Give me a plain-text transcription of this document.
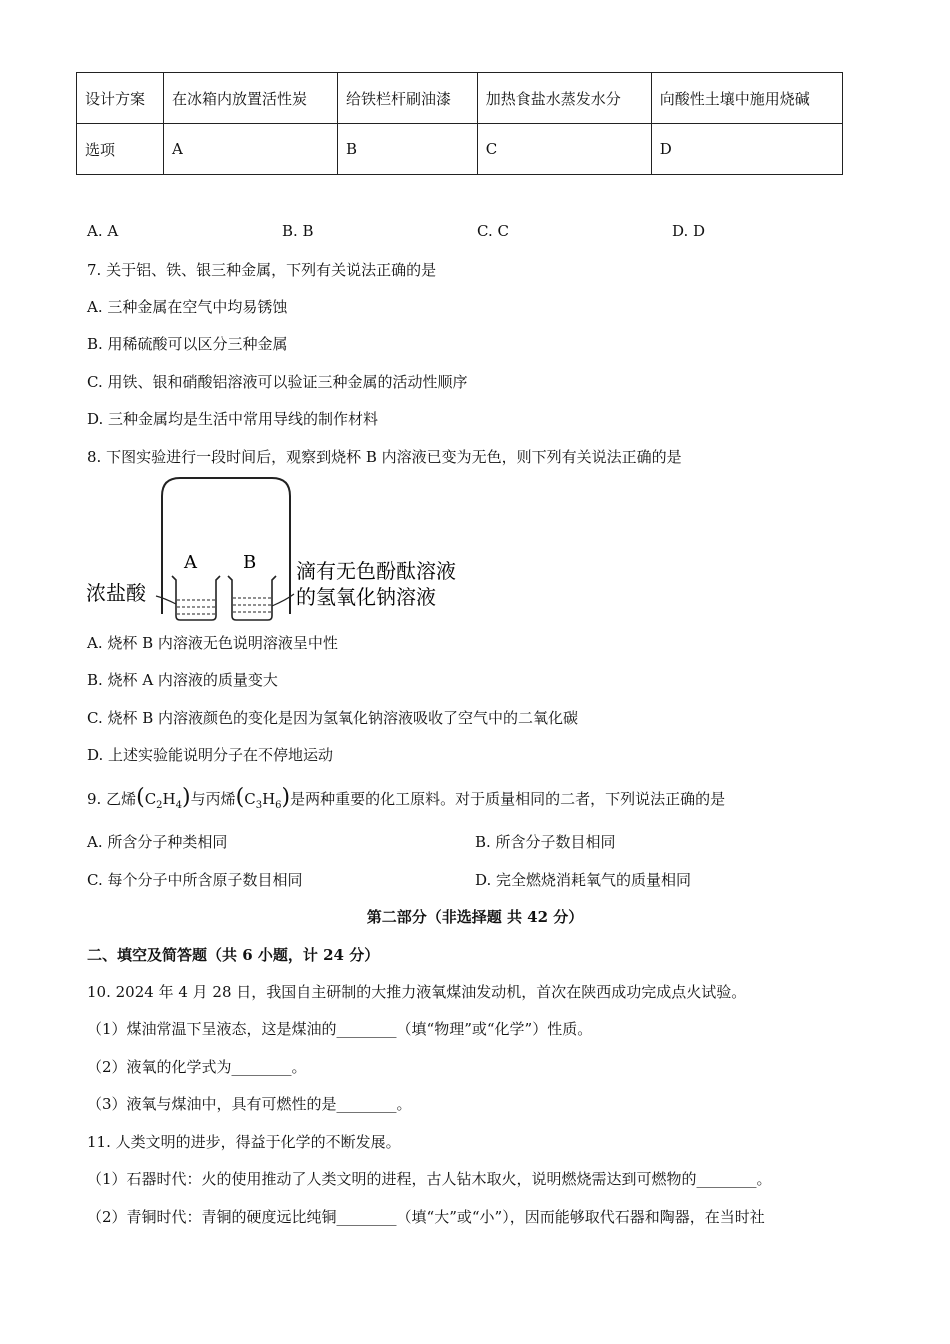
设计方案	在冰箱内放置活性炭	给铁栏杆刷油漆	加热食盐水蒸发水分	向酸性土壤中施用烧碱
选项	A	B	C	D
A. A	B. B	C. C	D. D
7. 关于铝、铁、银三种金属，下列有关说法正确的是
A. 三种金属在空气中均易锈蚀
B. 用稀硫酸可以区分三种金属
C. 用铁、银和硝酸铝溶液可以验证三种金属的活动性顺序
D. 三种金属均是生活中常用导线的制作材料
8. 下图实验进行一段时间后，观察到烧杯 B 内溶液已变为无色，则下列有关说法正确的是
A	B
浓盐酸
滴有无色酚酞溶液
的氢氧化钠溶液
A. 烧杯 B 内溶液无色说明溶液呈中性
B. 烧杯 A 内溶液的质量变大
C. 烧杯 B 内溶液颜色的变化是因为氢氧化钠溶液吸收了空气中的二氧化碳
D. 上述实验能说明分子在不停地运动
9. 乙烯$(C_2H_4)$与丙烯$(C_3H_6)$是两种重要的化工原料。对于质量相同的二者，下列说法正确的是
A. 所含分子种类相同	B. 所含分子数目相同
C. 每个分子中所含原子数目相同	D. 完全燃烧消耗氧气的质量相同
第二部分（非选择题 共 42 分）
二、填空及简答题（共 6 小题，计 24 分）
10. 2024 年 4 月 28 日，我国自主研制的大推力液氧煤油发动机，首次在陕西成功完成点火试验。
（1）煤油常温下呈液态，这是煤油的________（填“物理”或“化学”）性质。
（2）液氧的化学式为________。
（3）液氧与煤油中，具有可燃性的是________。
11. 人类文明的进步，得益于化学的不断发展。
（1）石器时代：火的使用推动了人类文明的进程，古人钻木取火，说明燃烧需达到可燃物的________。
（2）青铜时代：青铜的硬度远比纯铜________（填“大”或“小”），因而能够取代石器和陶器，在当时社
